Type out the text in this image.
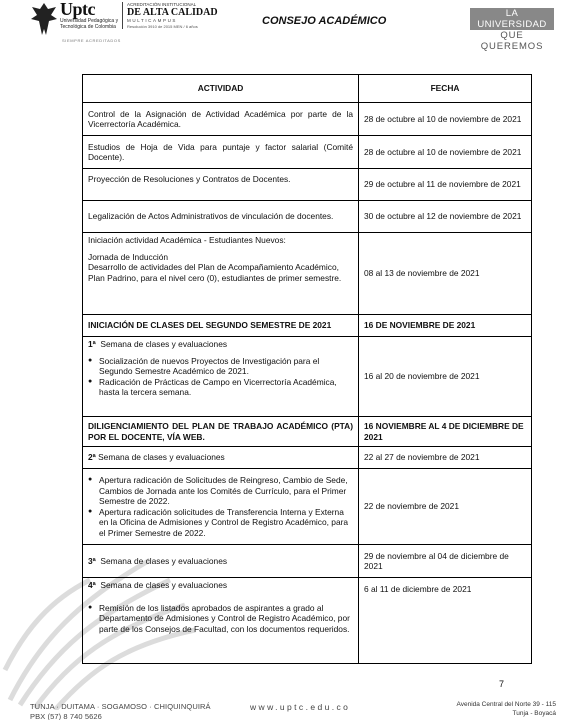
Uptc
Universidad Pedagógica y
Tecnológica de Colombia
ACREDITACIÓN INSTITUCIONAL
DE ALTA CALIDAD
MULTICAMPUS
Resolución 3910 de 2015 MEN / 6 años
SIEMPRE ACREDITADOS
CONSEJO ACADÉMICO
LA UNIVERSIDAD
QUE QUEREMOS
ACTIVIDAD	FECHA
Control de la Asignación de Actividad Académica por parte de la Vicerrectoría Académica.	28 de octubre al 10 de noviembre de 2021
Estudios de Hoja de Vida para puntaje y factor salarial (Comité Docente).	28 de octubre al 10 de noviembre de 2021
Proyección de Resoluciones y Contratos de Docentes.	29 de octubre al 11 de noviembre de 2021
Legalización de Actos Administrativos de vinculación de docentes.	30 de octubre al 12 de noviembre de 2021

Iniciación actividad Académica - Estudiantes Nuevos:
Jornada de Inducción
Desarrollo de actividades del Plan de Acompañamiento Académico, Plan Padrino, para el nivel cero (0), estudiantes de primer semestre.	08 al 13 de noviembre de 2021
INICIACIÓN DE CLASES DEL SEGUNDO SEMESTRE DE 2021	16 DE NOVIEMBRE DE 2021

1ª Semana de clases y evaluaciones
● Socialización de nuevos Proyectos de Investigación para el Segundo Semestre Académico de 2021.
● Radicación de Prácticas de Campo en Vicerrectoría Académica, hasta la tercera semana.	16 al 20 de noviembre de 2021
DILIGENCIAMIENTO DEL PLAN DE TRABAJO ACADÉMICO (PTA) POR EL DOCENTE, VÍA WEB.	16 NOVIEMBRE AL 4 DE DICIEMBRE DE 2021
2ª Semana de clases y evaluaciones	22 al 27 de noviembre de 2021

● Apertura radicación de Solicitudes de Reingreso, Cambio de Sede, Cambios de Jornada ante los Comités de Currículo, para el Primer Semestre de 2022.
● Apertura radicación solicitudes de Transferencia Interna y Externa en la Oficina de Admisiones y Control de Registro Académico, para el Primer Semestre de 2022.	22 de noviembre de 2021
3ª Semana de clases y evaluaciones	29 de noviembre al 04 de diciembre de 2021

4ª Semana de clases y evaluaciones
● Remisión de los listados aprobados de aspirantes a grado al Departamento de Admisiones y Control de Registro Académico, por parte de los Consejos de Facultad, con los documentos requeridos.	6 al 11 de diciembre de 2021
7
TUNJA · DUITAMA · SOGAMOSO · CHIQUINQUIRÁ
PBX (57) 8 740 5626
www.uptc.edu.co	Avenida Central del Norte 39 - 115
Tunja - Boyacá
